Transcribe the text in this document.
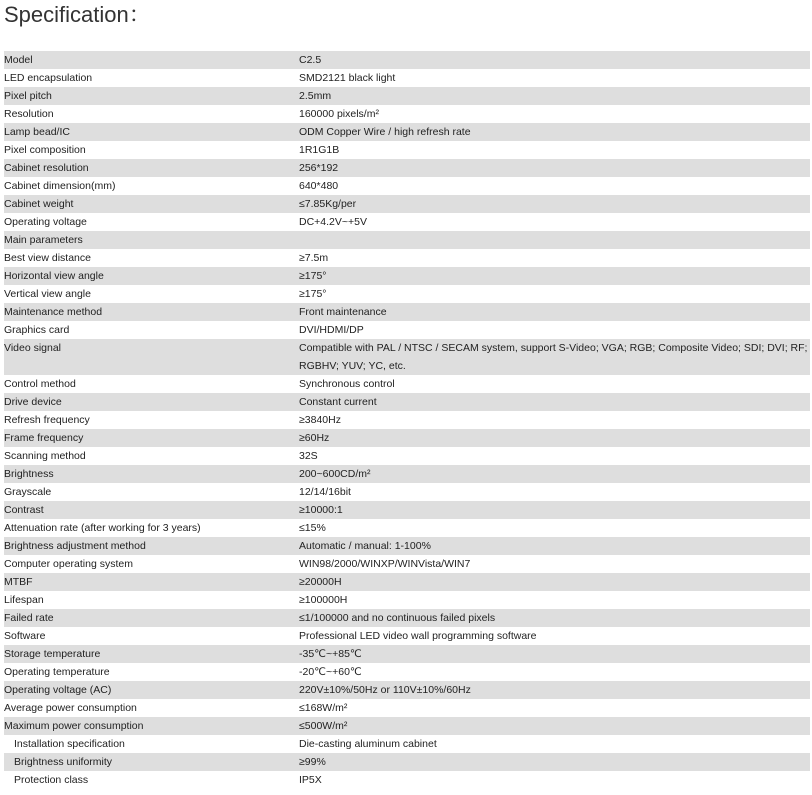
Specification：
Model	C2.5
LED encapsulation	SMD2121 black light
Pixel pitch	2.5mm
Resolution	160000 pixels/m²
Lamp bead/IC	ODM Copper Wire / high refresh rate
Pixel composition	1R1G1B
Cabinet resolution	256*192
Cabinet dimension(mm)	640*480
Cabinet weight	≤7.85Kg/per
Operating voltage	DC+4.2V~+5V
Main parameters	
Best view distance	≥7.5m
Horizontal view angle	≥175°
Vertical view angle	≥175°
Maintenance method	Front maintenance
Graphics card	DVI/HDMI/DP
Video signal	Compatible with PAL / NTSC / SECAM system, support S-Video; VGA; RGB; Composite Video; SDI; DVI; RF; RGBHV; YUV; YC, etc.
Control method	Synchronous control
Drive device	Constant current
Refresh frequency	≥3840Hz
Frame frequency	≥60Hz
Scanning method	32S
Brightness	200~600CD/m²
Grayscale	12/14/16bit
Contrast	≥10000:1
Attenuation rate (after working for 3 years)	≤15%
Brightness adjustment method	Automatic / manual: 1-100%
Computer operating system	WIN98/2000/WINXP/WINVista/WIN7
MTBF	≥20000H
Lifespan	≥100000H
Failed rate	≤1/100000 and no continuous failed pixels
Software	Professional LED video wall programming software
Storage temperature	-35℃~+85℃
Operating temperature	-20℃~+60℃
Operating voltage (AC)	220V±10%/50Hz or 110V±10%/60Hz
Average power consumption	≤168W/m²
Maximum power consumption	≤500W/m²
Installation specification	Die-casting aluminum cabinet
Brightness uniformity	≥99%
Protection class	IP5X
